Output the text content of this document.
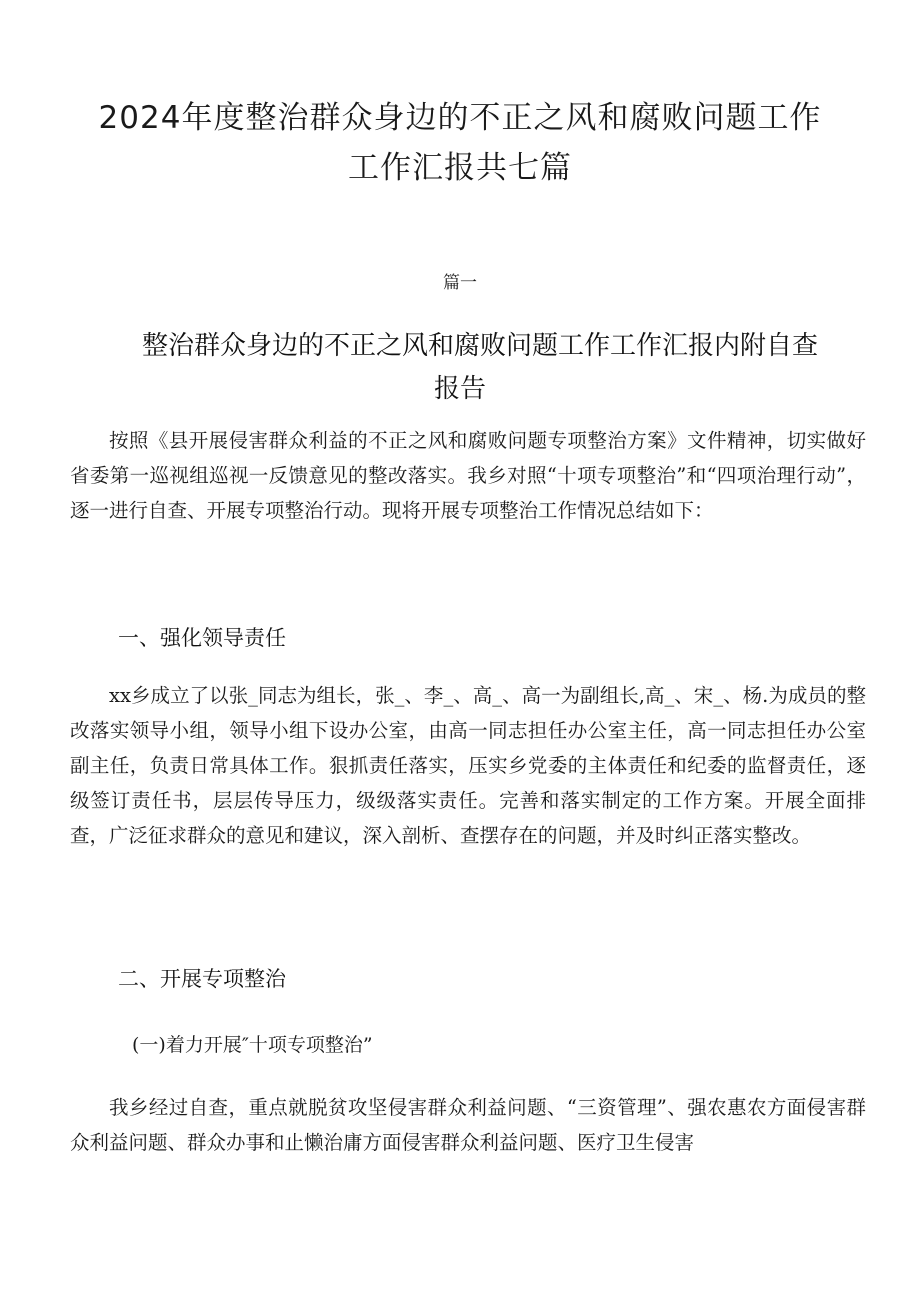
2024年度整治群众身边的不正之风和腐败问题工作
工作汇报共七篇
篇一
整治群众身边的不正之风和腐败问题工作工作汇报内附自查
报告

按照《县开展侵害群众利益的不正之风和腐败问题专项整治方案》文件精神，切实做好省委第一巡视组巡视一反馈意见的整改落实。我乡对照“十项专项整治”和“四项治理行动”，逐一进行自查、开展专项整治行动。现将开展专项整治工作情况总结如下：

一、强化领导责任

xx乡成立了以张_同志为组长，张_、李_、高_、高一为副组长,高_、宋_、杨.为成员的整改落实领导小组，领导小组下设办公室，由高一同志担任办公室主任，高一同志担任办公室副主任，负责日常具体工作。狠抓责任落实，压实乡党委的主体责任和纪委的监督责任，逐级签订责任书，层层传导压力，级级落实责任。完善和落实制定的工作方案。开展全面排查，广泛征求群众的意见和建议，深入剖析、查摆存在的问题，并及时纠正落实整改。

二、开展专项整治
(一)着力开展″十项专项整治”

我乡经过自查，重点就脱贫攻坚侵害群众利益问题、“三资管理”、强农惠农方面侵害群众利益问题、群众办事和止懒治庸方面侵害群众利益问题、医疗卫生侵害
